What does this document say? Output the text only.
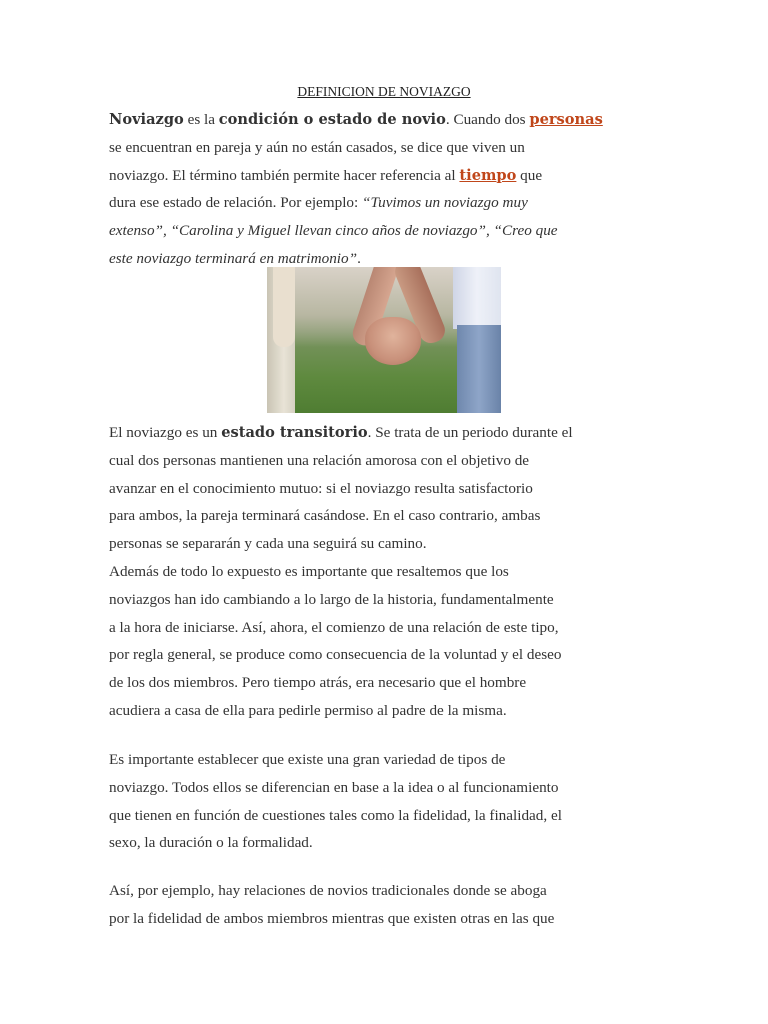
DEFINICION DE NOVIAZGO
Noviazgo es la condición o estado de novio. Cuando dos personas
se encuentran en pareja y aún no están casados, se dice que viven un
noviazgo. El término también permite hacer referencia al tiempo que
dura ese estado de relación. Por ejemplo: “Tuvimos un noviazgo muy
extenso”, “Carolina y Miguel llevan cinco años de noviazgo”, “Creo que
este noviazgo terminará en matrimonio”.
El noviazgo es un estado transitorio. Se trata de un periodo durante el
cual dos personas mantienen una relación amorosa con el objetivo de
avanzar en el conocimiento mutuo: si el noviazgo resulta satisfactorio
para ambos, la pareja terminará casándose. En el caso contrario, ambas
personas se separarán y cada una seguirá su camino.
Además de todo lo expuesto es importante que resaltemos que los
noviazgos han ido cambiando a lo largo de la historia, fundamentalmente
a la hora de iniciarse. Así, ahora, el comienzo de una relación de este tipo,
por regla general, se produce como consecuencia de la voluntad y el deseo
de los dos miembros. Pero tiempo atrás, era necesario que el hombre
acudiera a casa de ella para pedirle permiso al padre de la misma.
Es importante establecer que existe una gran variedad de tipos de
noviazgo. Todos ellos se diferencian en base a la idea o al funcionamiento
que tienen en función de cuestiones tales como la fidelidad, la finalidad, el
sexo, la duración o la formalidad.
Así, por ejemplo, hay relaciones de novios tradicionales donde se aboga
por la fidelidad de ambos miembros mientras que existen otras en las que
